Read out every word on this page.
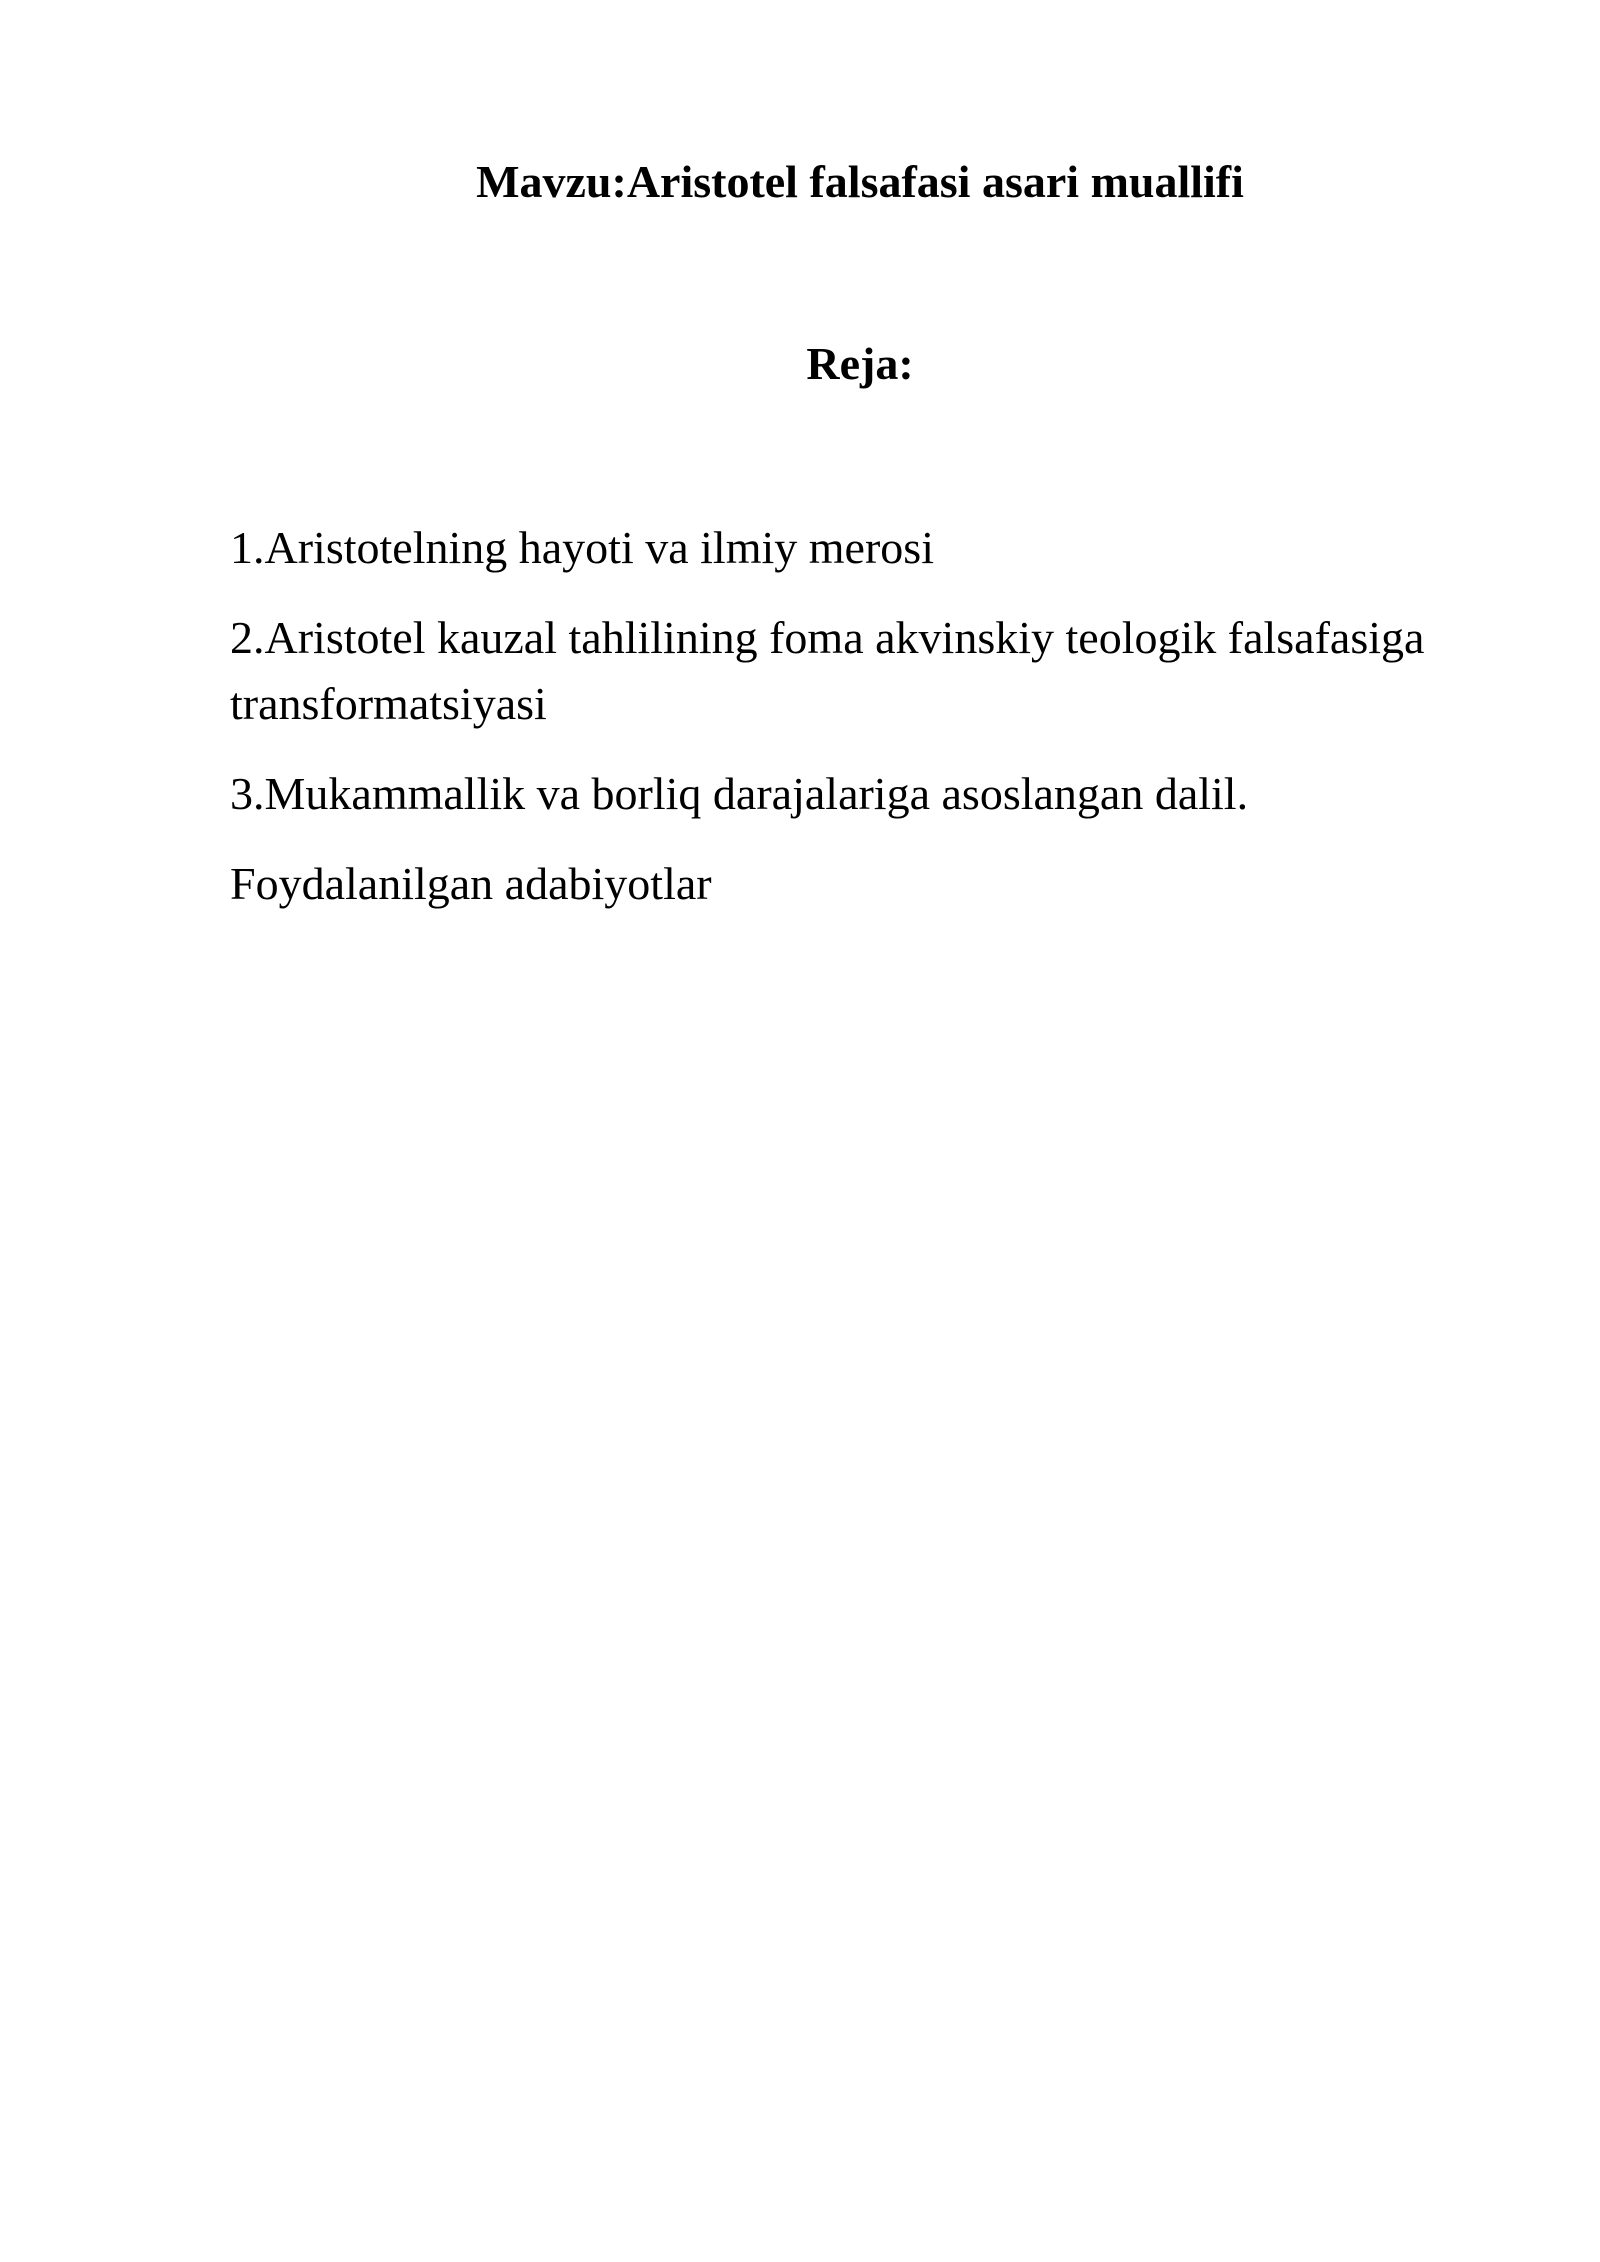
Mavzu:Aristotel falsafasi asari muallifi
Reja:
1.Aristotelning hayoti va ilmiy merosi
2.Aristotel kauzal tahlilining foma akvinskiy teologik falsafasiga transformatsiyasi
3.Mukammallik va borliq darajalariga asoslangan dalil.
Foydalanilgan adabiyotlar
